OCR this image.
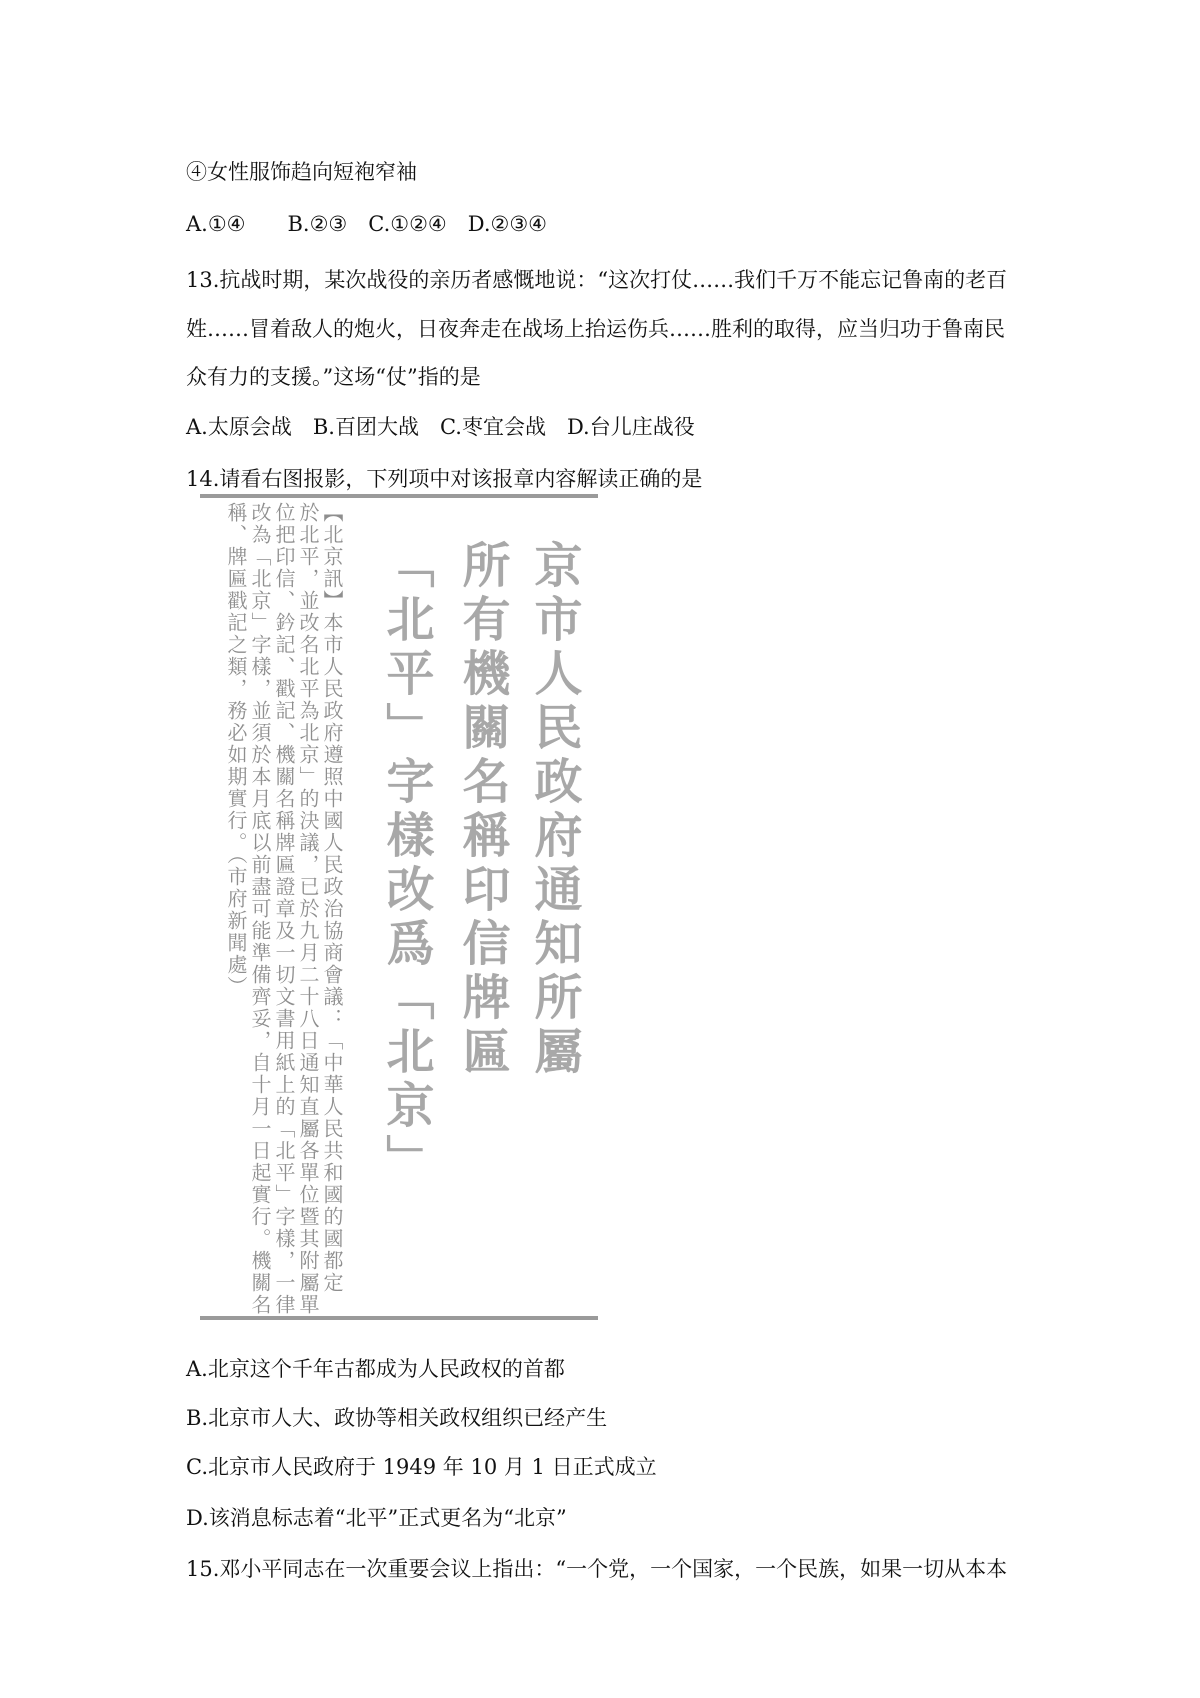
④女性服饰趋向短袍窄袖
A.①④　　B.②③　C.①②④　D.②③④
13.抗战时期，某次战役的亲历者感慨地说：“这次打仗……我们千万不能忘记鲁南的老百
姓……冒着敌人的炮火，日夜奔走在战场上抬运伤兵……胜利的取得，应当归功于鲁南民
众有力的支援。”这场“仗”指的是
A.太原会战　B.百团大战　C.枣宜会战　D.台儿庄战役
14.请看右图报影，下列项中对该报章内容解读正确的是
京市人民政府通知所屬
所有機關名稱印信牌匾
「北平」字樣改爲「北京」
【北京訊】本市人民政府遵照中國人民政治協商會議：「中華人民共和國的國都定
於北平，並改名北平為北京」的決議，已於九月二十八日通知直屬各單位暨其附屬單
位把印信、鈐記、戳記、機關名稱牌匾證章及一切文書用紙上的「北平」字樣，一律
改為「北京」字樣，並須於本月底以前盡可能準備齊妥，自十月一日起實行。機關名
稱、牌匾戳記之類，務必如期實行。（市府新聞處）
A.北京这个千年古都成为人民政权的首都
B.北京市人大、政协等相关政权组织已经产生
C.北京市人民政府于 1949 年 10 月 1 日正式成立
D.该消息标志着“北平”正式更名为“北京”
15.邓小平同志在一次重要会议上指出：“一个党，一个国家，一个民族，如果一切从本本
